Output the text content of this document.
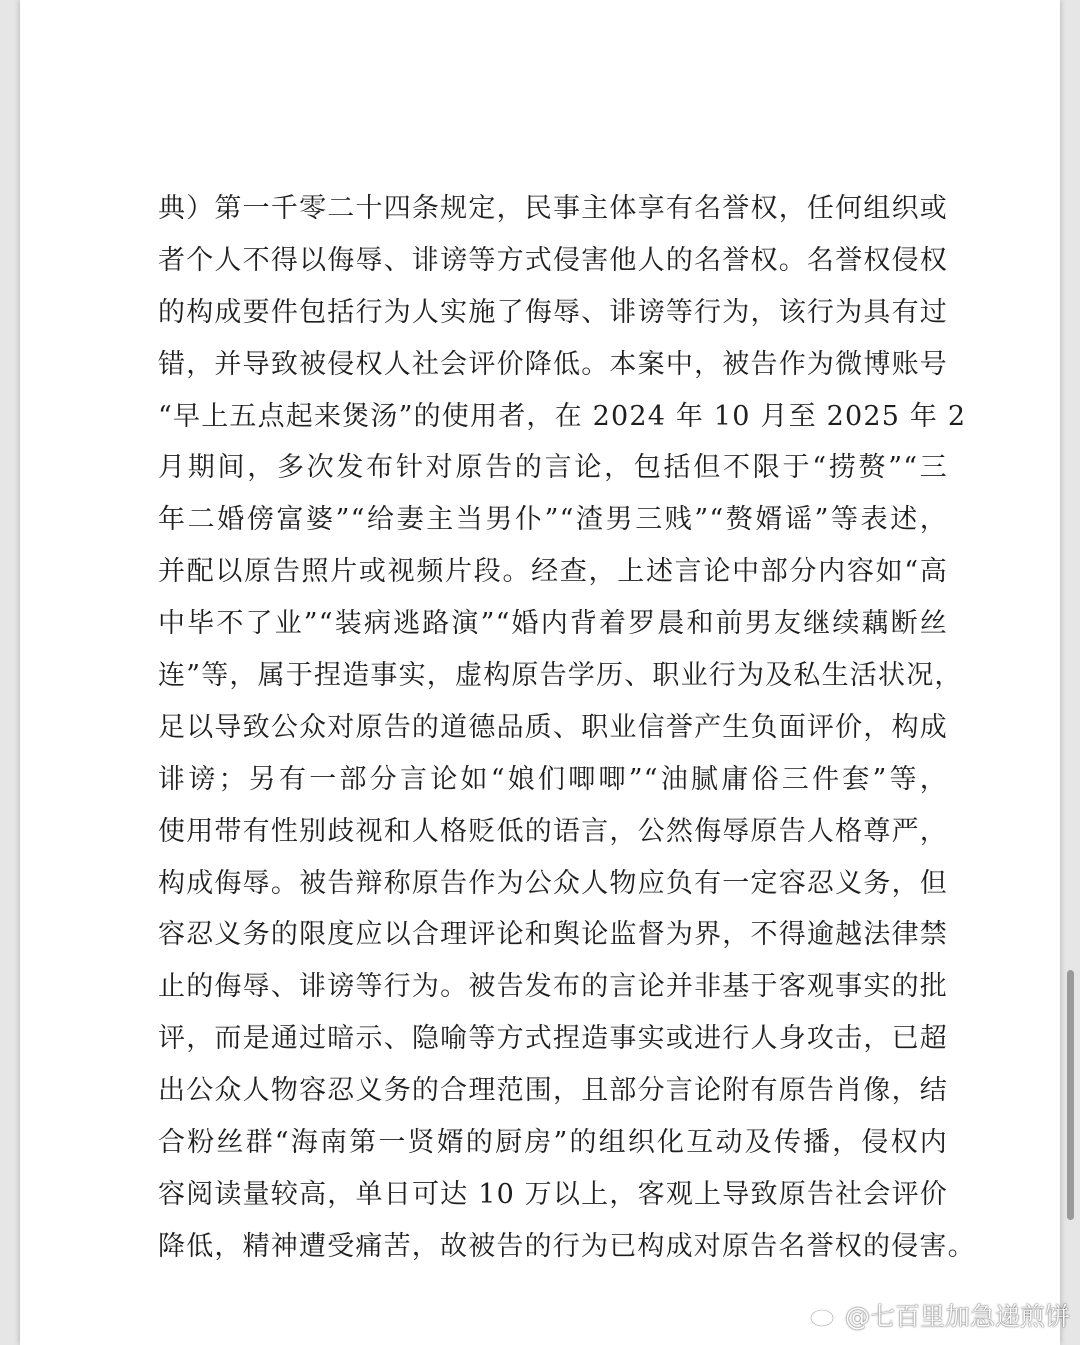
典）第一千零二十四条规定，民事主体享有名誉权，任何组织或
者个人不得以侮辱、诽谤等方式侵害他人的名誉权。名誉权侵权
的构成要件包括行为人实施了侮辱、诽谤等行为，该行为具有过
错，并导致被侵权人社会评价降低。本案中，被告作为微博账号
“早上五点起来煲汤”的使用者，在 2024 年 10 月至 2025 年 2
月期间，多次发布针对原告的言论，包括但不限于“捞赘”“三
年二婚傍富婆”“给妻主当男仆”“渣男三贱”“赘婿谣”等表述，
并配以原告照片或视频片段。经查，上述言论中部分内容如“高
中毕不了业”“装病逃路演”“婚内背着罗晨和前男友继续藕断丝
连”等，属于捏造事实，虚构原告学历、职业行为及私生活状况，
足以导致公众对原告的道德品质、职业信誉产生负面评价，构成
诽谤；另有一部分言论如“娘们唧唧”“油腻庸俗三件套”等，
使用带有性别歧视和人格贬低的语言，公然侮辱原告人格尊严，
构成侮辱。被告辩称原告作为公众人物应负有一定容忍义务，但
容忍义务的限度应以合理评论和舆论监督为界，不得逾越法律禁
止的侮辱、诽谤等行为。被告发布的言论并非基于客观事实的批
评，而是通过暗示、隐喻等方式捏造事实或进行人身攻击，已超
出公众人物容忍义务的合理范围，且部分言论附有原告肖像，结
合粉丝群“海南第一贤婿的厨房”的组织化互动及传播，侵权内
容阅读量较高，单日可达 10 万以上，客观上导致原告社会评价
降低，精神遭受痛苦，故被告的行为已构成对原告名誉权的侵害。
@七百里加急递煎饼
